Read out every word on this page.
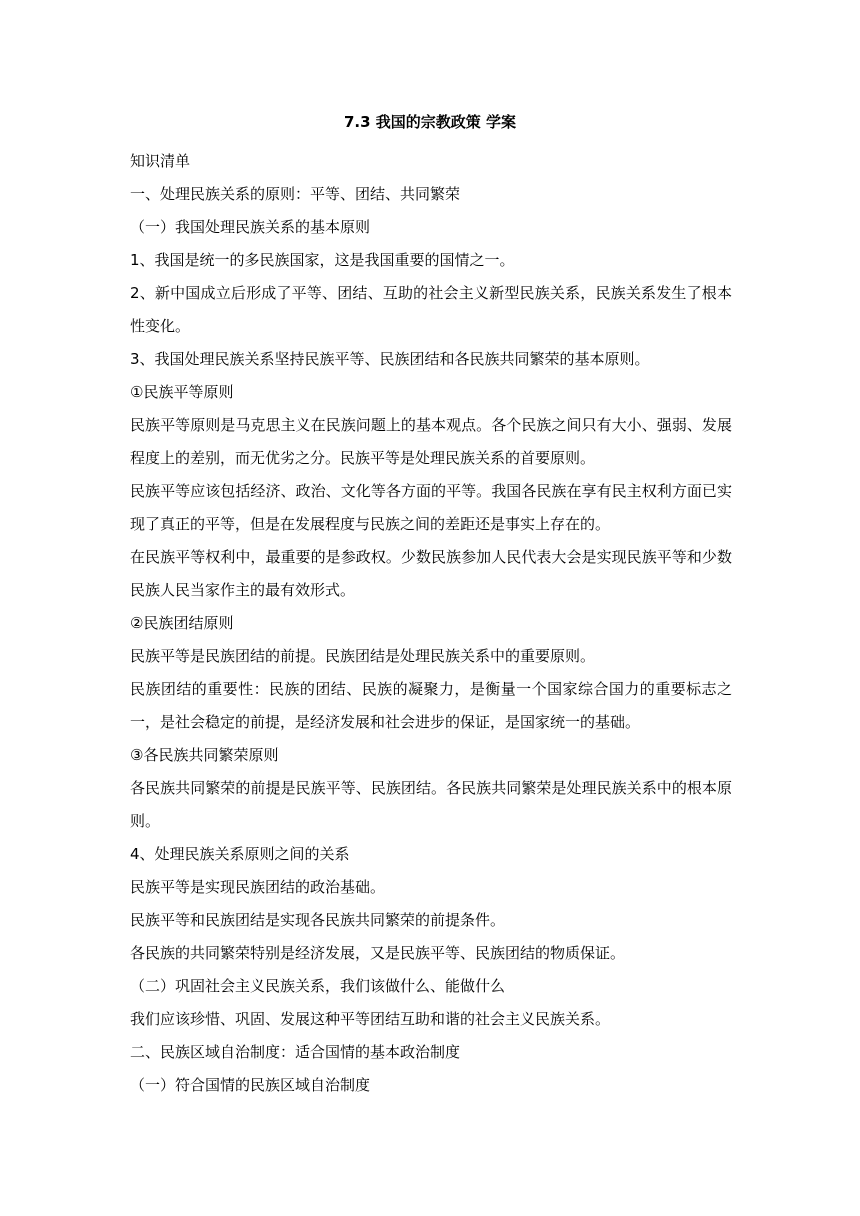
7.3 我国的宗教政策 学案

知识清单

一、处理民族关系的原则：平等、团结、共同繁荣

（一）我国处理民族关系的基本原则

1、我国是统一的多民族国家，这是我国重要的国情之一。

2、新中国成立后形成了平等、团结、互助的社会主义新型民族关系，民族关系发生了根本性变化。

3、我国处理民族关系坚持民族平等、民族团结和各民族共同繁荣的基本原则。

①民族平等原则

民族平等原则是马克思主义在民族问题上的基本观点。各个民族之间只有大小、强弱、发展程度上的差别，而无优劣之分。民族平等是处理民族关系的首要原则。

民族平等应该包括经济、政治、文化等各方面的平等。我国各民族在享有民主权利方面已实现了真正的平等，但是在发展程度与民族之间的差距还是事实上存在的。

在民族平等权利中，最重要的是参政权。少数民族参加人民代表大会是实现民族平等和少数民族人民当家作主的最有效形式。

②民族团结原则

民族平等是民族团结的前提。民族团结是处理民族关系中的重要原则。

民族团结的重要性：民族的团结、民族的凝聚力，是衡量一个国家综合国力的重要标志之一，是社会稳定的前提，是经济发展和社会进步的保证，是国家统一的基础。

③各民族共同繁荣原则

各民族共同繁荣的前提是民族平等、民族团结。各民族共同繁荣是处理民族关系中的根本原则。

4、处理民族关系原则之间的关系

民族平等是实现民族团结的政治基础。

民族平等和民族团结是实现各民族共同繁荣的前提条件。

各民族的共同繁荣特别是经济发展，又是民族平等、民族团结的物质保证。

（二）巩固社会主义民族关系，我们该做什么、能做什么

我们应该珍惜、巩固、发展这种平等团结互助和谐的社会主义民族关系。

二、民族区域自治制度：适合国情的基本政治制度

（一）符合国情的民族区域自治制度
